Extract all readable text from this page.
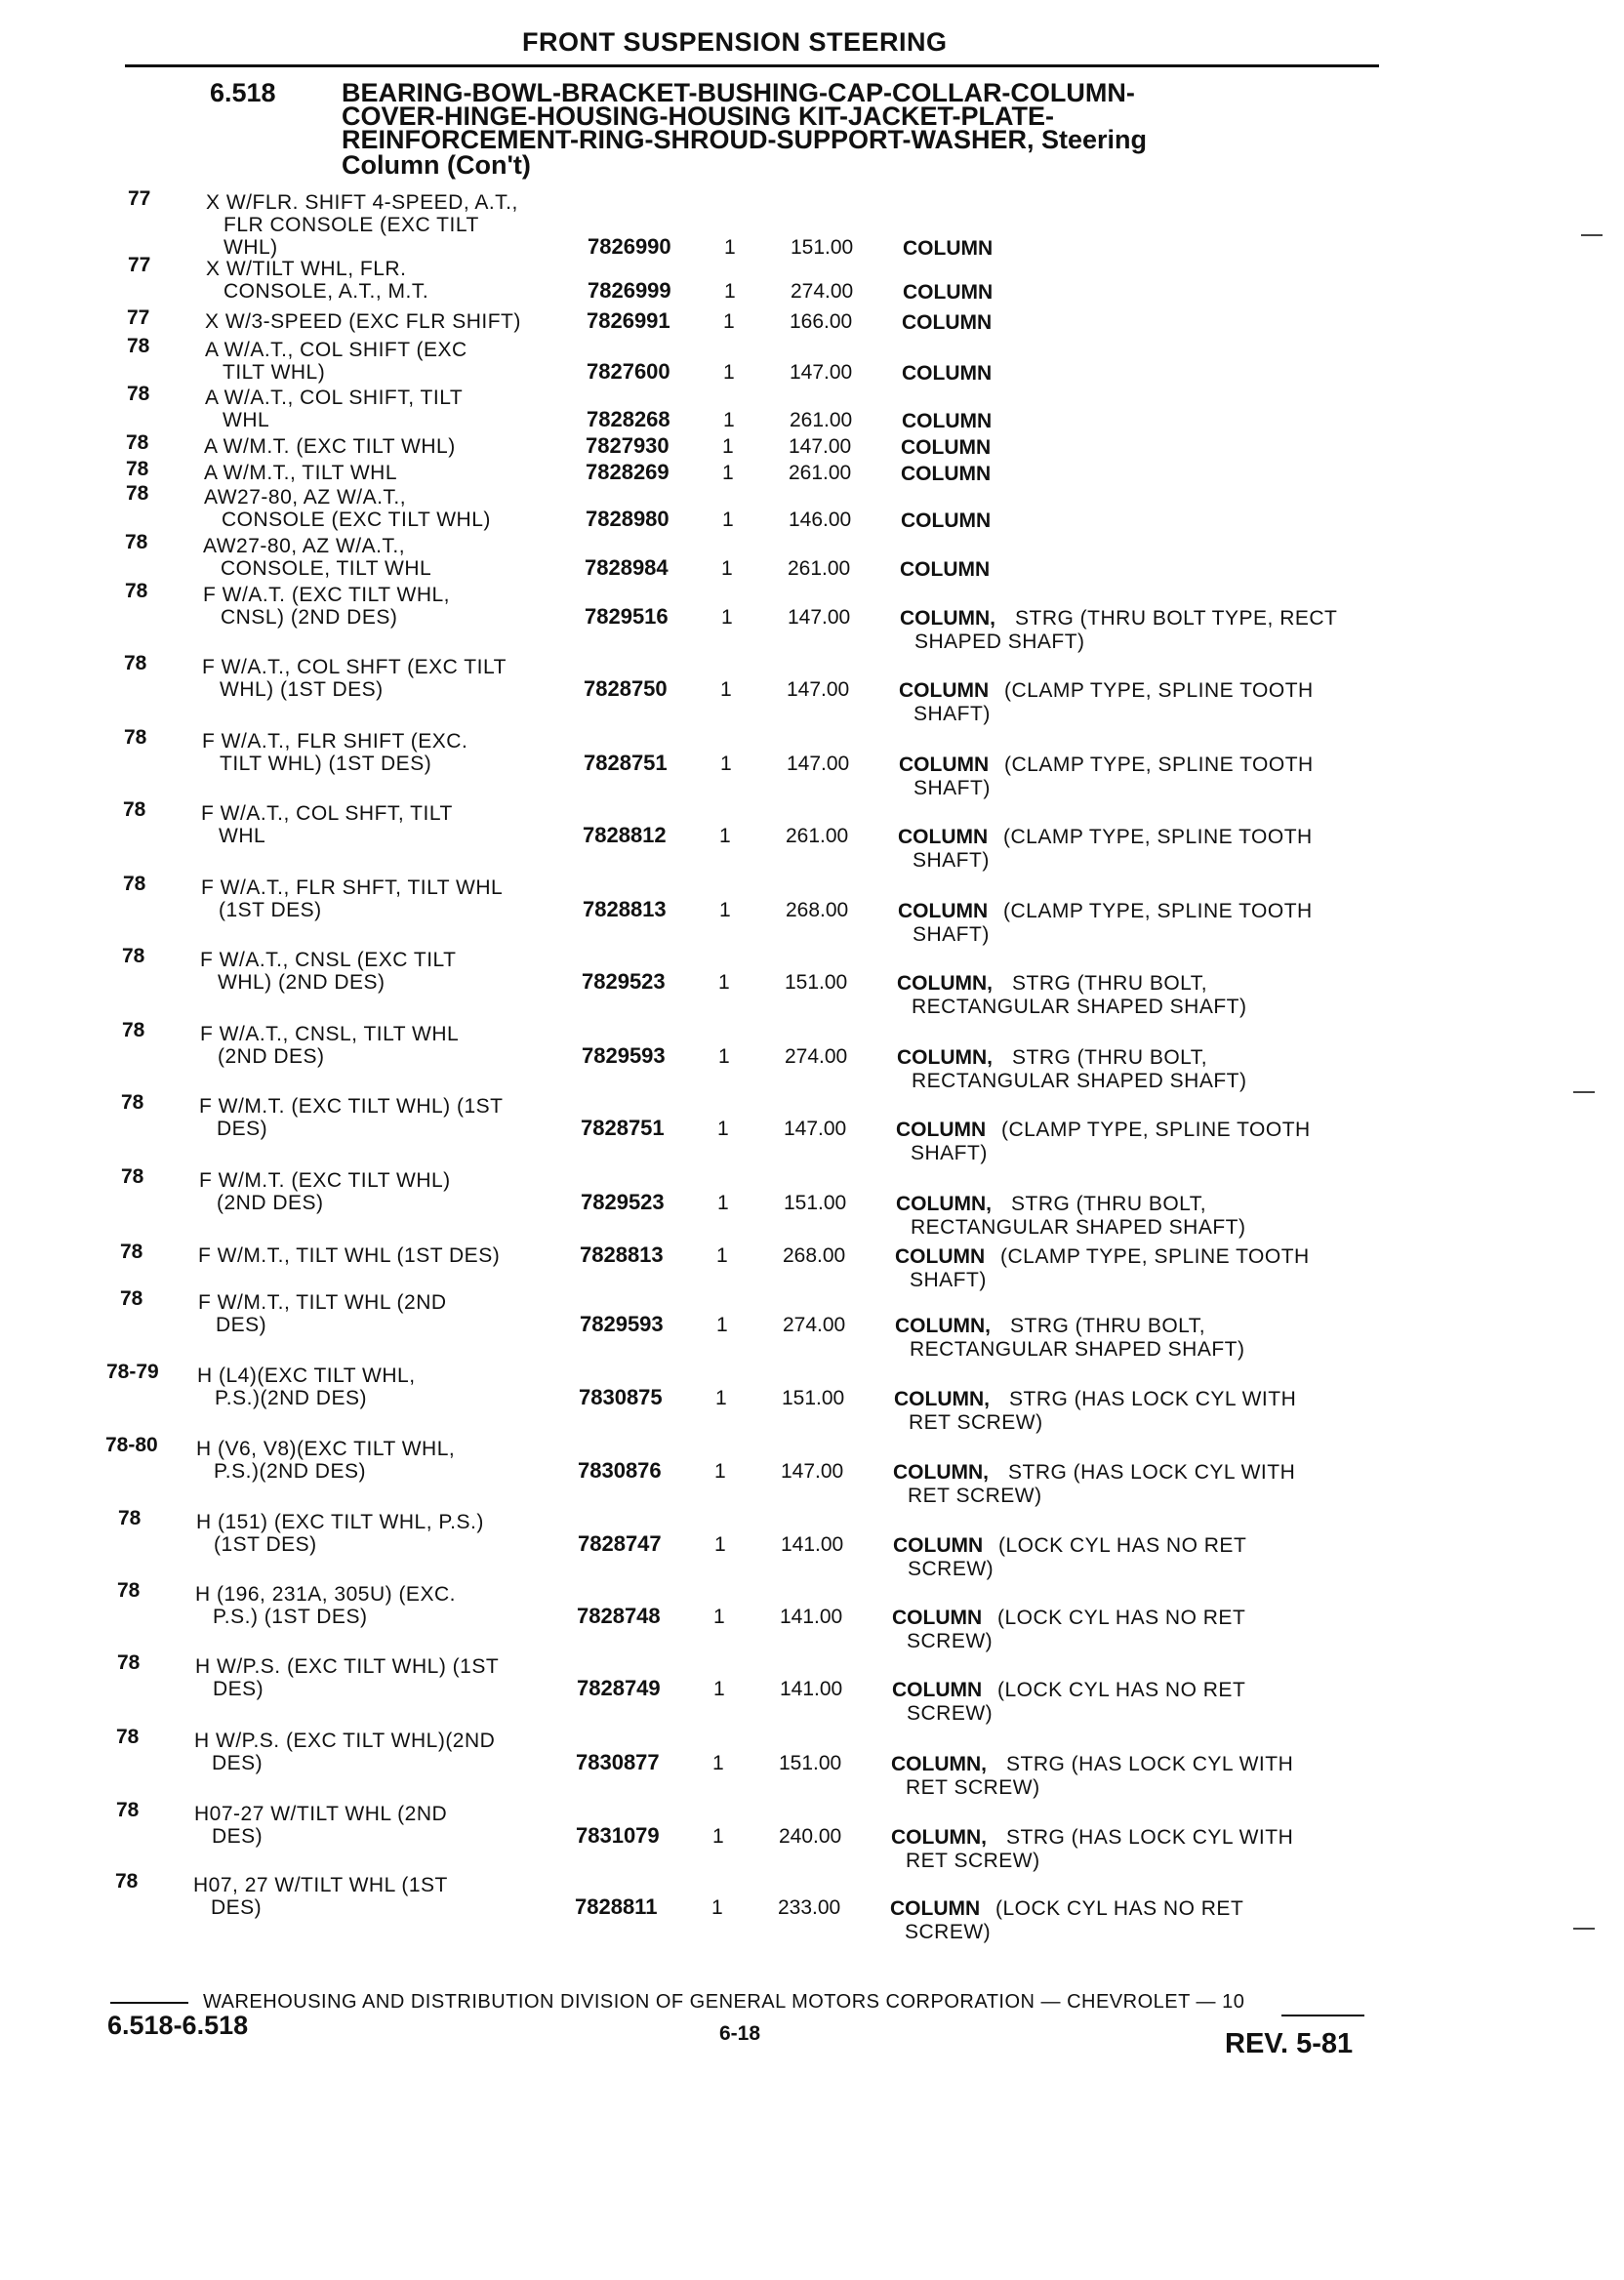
FRONT SUSPENSION STEERING
6.518 BEARING-BOWL-BRACKET-BUSHING-CAP-COLLAR-COLUMN-
COVER-HINGE-HOUSING-HOUSING KIT-JACKET-PLATE-
REINFORCEMENT-RING-SHROUD-SUPPORT-WASHER, Steering
Column (Con't)
77	X W/FLR. SHIFT 4-SPEED, A.T.,
FLR CONSOLE (EXC TILT
WHL)	7826990	1	151.00 COLUMN
77	X W/TILT WHL, FLR.
CONSOLE, A.T., M.T.	7826999	1	274.00 COLUMN
77	X W/3-SPEED (EXC FLR SHIFT)	7826991	1	166.00 COLUMN
78	A W/A.T., COL SHIFT (EXC
TILT WHL)	7827600	1	147.00 COLUMN
78	A W/A.T., COL SHIFT, TILT
WHL	7828268	1	261.00 COLUMN
78	A W/M.T. (EXC TILT WHL)	7827930	1	147.00 COLUMN
78	A W/M.T., TILT WHL	7828269	1	261.00 COLUMN
78	AW27-80, AZ W/A.T.,
CONSOLE (EXC TILT WHL)	7828980	1	146.00 COLUMN
78	AW27-80, AZ W/A.T.,
CONSOLE, TILT WHL	7828984	1	261.00 COLUMN
78	F W/A.T. (EXC TILT WHL,
CNSL) (2ND DES)	7829516	1	147.00 COLUMN, STRG (THRU BOLT TYPE, RECT
SHAPED SHAFT)
78	F W/A.T., COL SHFT (EXC TILT
WHL) (1ST DES)	7828750	1	147.00 COLUMN (CLAMP TYPE, SPLINE TOOTH
SHAFT)
78	F W/A.T., FLR SHIFT (EXC.
TILT WHL) (1ST DES)	7828751	1	147.00 COLUMN (CLAMP TYPE, SPLINE TOOTH
SHAFT)
78	F W/A.T., COL SHFT, TILT
WHL	7828812	1	261.00 COLUMN (CLAMP TYPE, SPLINE TOOTH
SHAFT)
78	F W/A.T., FLR SHFT, TILT WHL
(1ST DES)	7828813	1	268.00 COLUMN (CLAMP TYPE, SPLINE TOOTH
SHAFT)
78	F W/A.T., CNSL (EXC TILT
WHL) (2ND DES)	7829523	1	151.00 COLUMN, STRG (THRU BOLT,
RECTANGULAR SHAPED SHAFT)
78	F W/A.T., CNSL, TILT WHL
(2ND DES)	7829593	1	274.00 COLUMN, STRG (THRU BOLT,
RECTANGULAR SHAPED SHAFT)
78	F W/M.T. (EXC TILT WHL) (1ST
DES)	7828751	1	147.00 COLUMN (CLAMP TYPE, SPLINE TOOTH
SHAFT)
78	F W/M.T. (EXC TILT WHL)
(2ND DES)	7829523	1	151.00 COLUMN, STRG (THRU BOLT,
RECTANGULAR SHAPED SHAFT)
78	F W/M.T., TILT WHL (1ST DES)	7828813	1	268.00 COLUMN (CLAMP TYPE, SPLINE TOOTH
SHAFT)
78	F W/M.T., TILT WHL (2ND
DES)	7829593	1	274.00 COLUMN, STRG (THRU BOLT,
RECTANGULAR SHAPED SHAFT)
78-79 H (L4)(EXC TILT WHL,
P.S.)(2ND DES)	7830875	1	151.00 COLUMN, STRG (HAS LOCK CYL WITH
RET SCREW)
78-80 H (V6, V8)(EXC TILT WHL,
P.S.)(2ND DES)	7830876	1	147.00 COLUMN, STRG (HAS LOCK CYL WITH
RET SCREW)
78	H (151) (EXC TILT WHL, P.S.)
(1ST DES)	7828747	1	141.00 COLUMN (LOCK CYL HAS NO RET
SCREW)
78	H (196, 231A, 305U) (EXC.
P.S.) (1ST DES)	7828748	1	141.00 COLUMN (LOCK CYL HAS NO RET
SCREW)
78	H W/P.S. (EXC TILT WHL) (1ST
DES)	7828749	1	141.00 COLUMN (LOCK CYL HAS NO RET
SCREW)
78	H W/P.S. (EXC TILT WHL)(2ND
DES)	7830877	1	151.00 COLUMN, STRG (HAS LOCK CYL WITH
RET SCREW)
78	H07-27 W/TILT WHL (2ND
DES)	7831079	1	240.00 COLUMN, STRG (HAS LOCK CYL WITH
RET SCREW)
78	H07, 27 W/TILT WHL (1ST
DES)	7828811	1	233.00 COLUMN (LOCK CYL HAS NO RET
SCREW)
WAREHOUSING AND DISTRIBUTION DIVISION OF GENERAL MOTORS CORPORATION — CHEVROLET — 10
6.518-6.518	6-18	REV. 5-81
